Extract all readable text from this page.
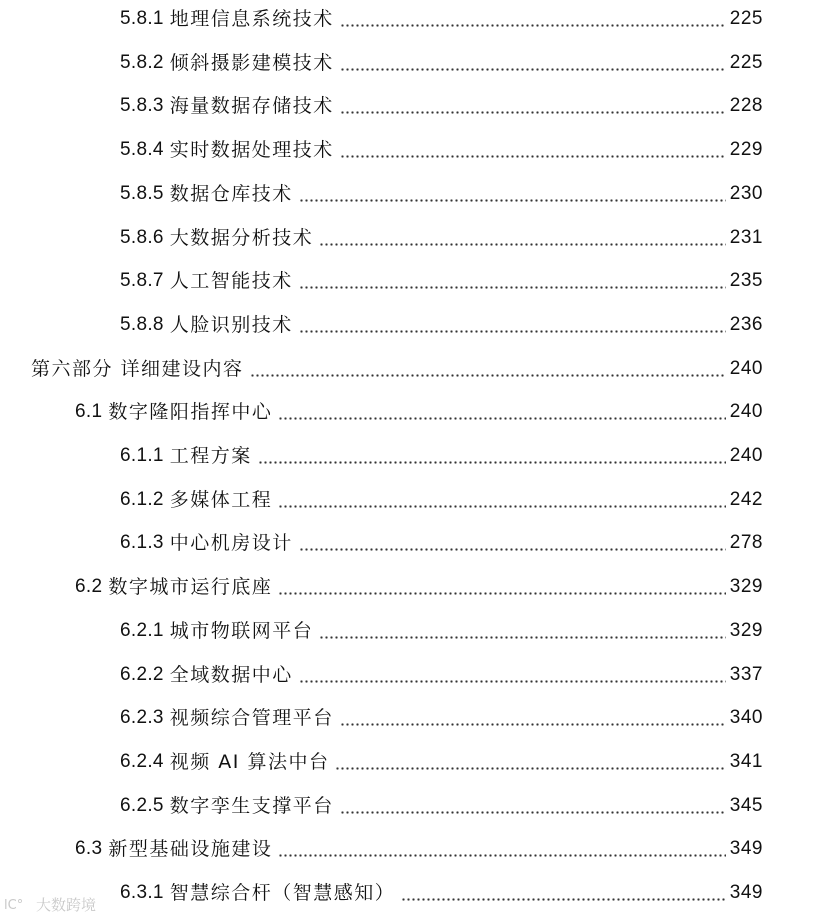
5.8.1 地理信息系统技术	225
5.8.2 倾斜摄影建模技术	225
5.8.3 海量数据存储技术	228
5.8.4 实时数据处理技术	229
5.8.5 数据仓库技术	230
5.8.6 大数据分析技术	231
5.8.7 人工智能技术	235
5.8.8 人脸识别技术	236
第六部分 详细建设内容	240
6.1 数字隆阳指挥中心	240
6.1.1 工程方案	240
6.1.2 多媒体工程	242
6.1.3 中心机房设计	278
6.2 数字城市运行底座	329
6.2.1 城市物联网平台	329
6.2.2 全域数据中心	337
6.2.3 视频综合管理平台	340
6.2.4 视频 AI 算法中台	341
6.2.5 数字孪生支撑平台	345
6.3 新型基础设施建设	349
6.3.1 智慧综合杆（智慧感知）	349
lC° 大数跨境
